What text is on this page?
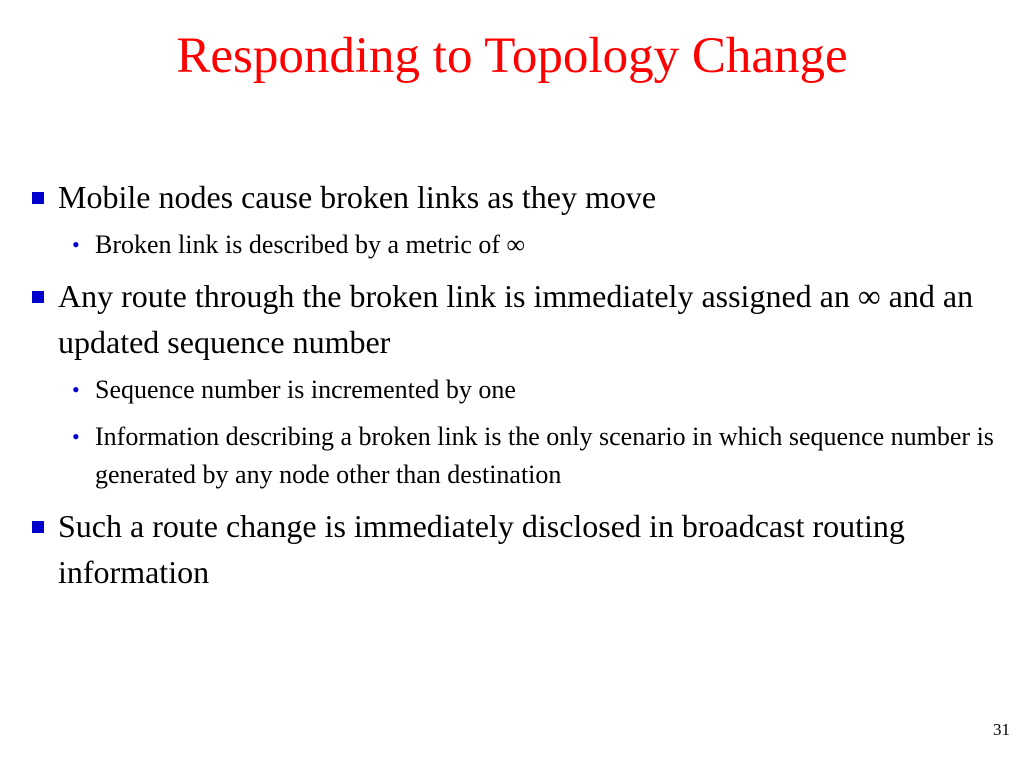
Responding to Topology Change
Mobile nodes cause broken links as they move
• Broken link is described by a metric of ∞
Any route through the broken link is immediately assigned an ∞ and an updated sequence number
• Sequence number is incremented by one
• Information describing a broken link is the only scenario in which sequence number is generated by any node other than destination
Such a route change is immediately disclosed in broadcast routing information
31
